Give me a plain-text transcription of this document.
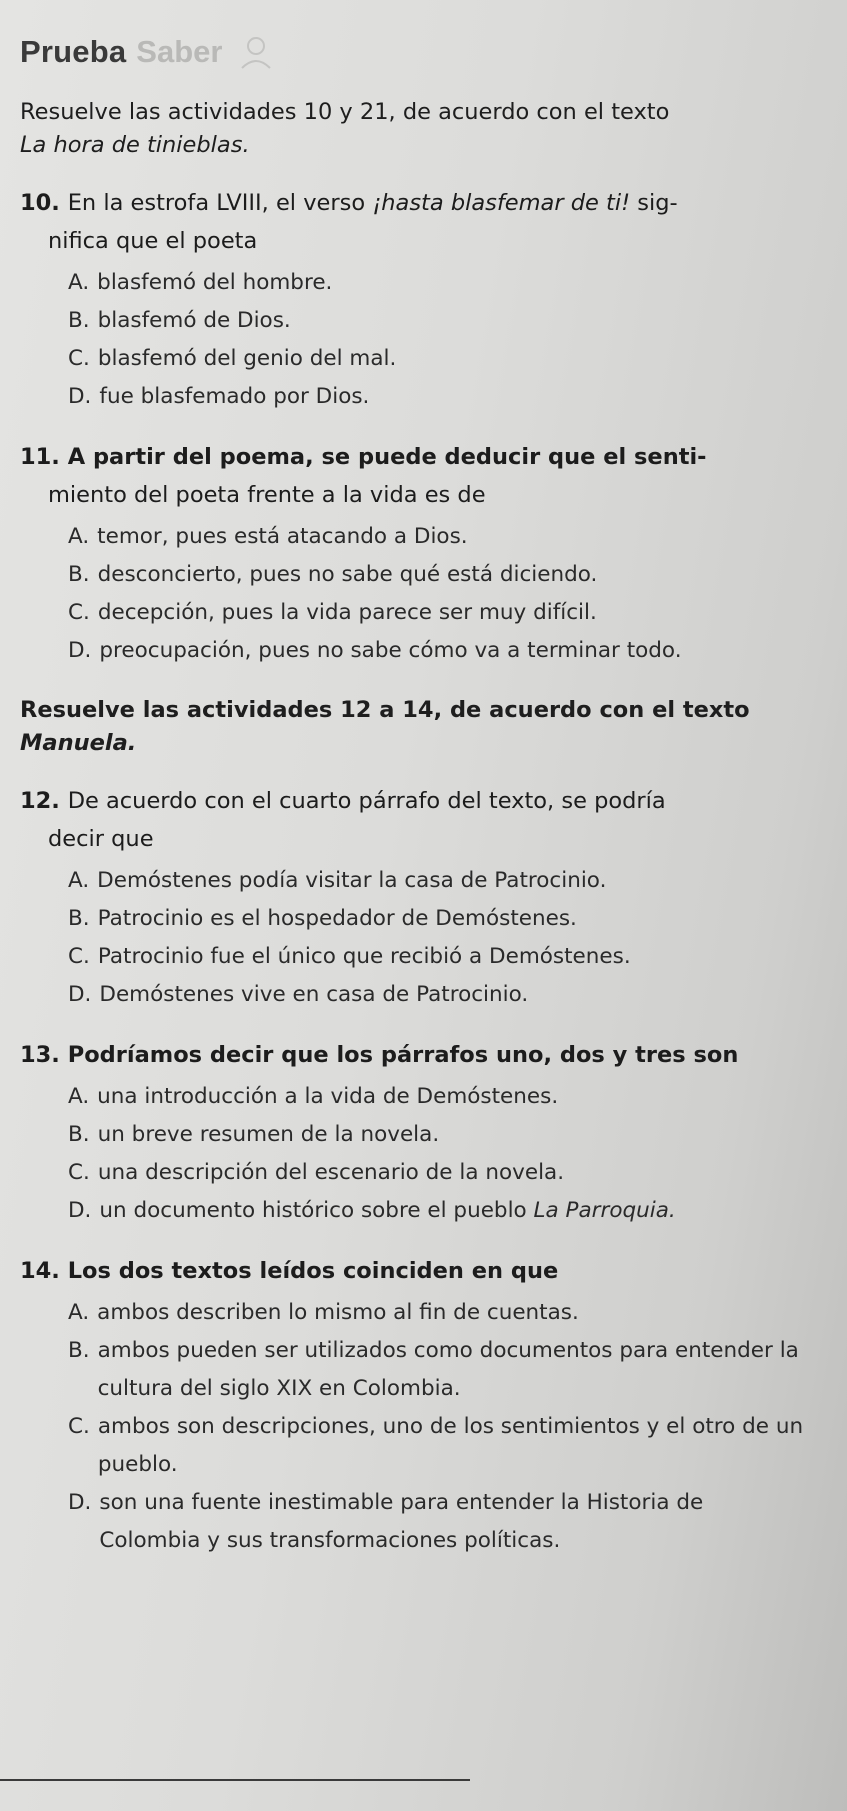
Prueba Saber

Resuelve las actividades 10 y 21, de acuerdo con el texto
La hora de tinieblas.

10. En la estrofa LVIII, el verso ¡hasta blasfemar de ti! sig-
nifica que el poeta
A. blasfemó del hombre.
B. blasfemó de Dios.
C. blasfemó del genio del mal.
D. fue blasfemado por Dios.
11. A partir del poema, se puede deducir que el senti-
miento del poeta frente a la vida es de
A. temor, pues está atacando a Dios.
B. desconcierto, pues no sabe qué está diciendo.
C. decepción, pues la vida parece ser muy difícil.
D. preocupación, pues no sabe cómo va a terminar todo.

Resuelve las actividades 12 a 14, de acuerdo con el texto
Manuela.

12. De acuerdo con el cuarto párrafo del texto, se podría
decir que
A. Demóstenes podía visitar la casa de Patrocinio.
B. Patrocinio es el hospedador de Demóstenes.
C. Patrocinio fue el único que recibió a Demóstenes.
D. Demóstenes vive en casa de Patrocinio.
13. Podríamos decir que los párrafos uno, dos y tres son
A. una introducción a la vida de Demóstenes.
B. un breve resumen de la novela.
C. una descripción del escenario de la novela.
D. un documento histórico sobre el pueblo La Parroquia.
14. Los dos textos leídos coinciden en que
A. ambos describen lo mismo al fin de cuentas.
B. ambos pueden ser utilizados como documentos para entender la cultura del siglo XIX en Colombia.
C. ambos son descripciones, uno de los sentimientos y el otro de un pueblo.
D. son una fuente inestimable para entender la Historia de Colombia y sus transformaciones políticas.
